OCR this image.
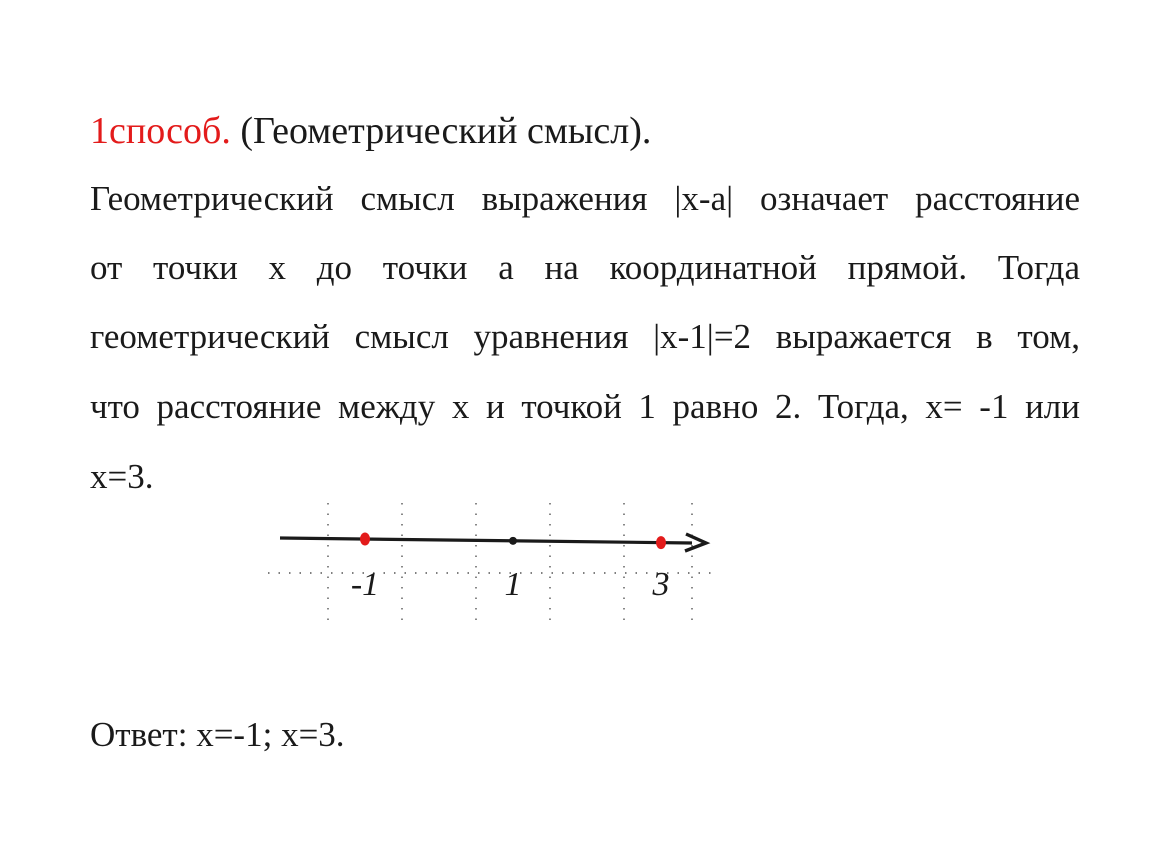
1способ. (Геометрический смысл).
Геометрический смысл выражения |x-a| означает расстояние
от точки x до точки a на координатной прямой. Тогда
геометрический смысл уравнения |x-1|=2 выражается в том,
что расстояние между x и точкой 1 равно 2. Тогда, x= -1 или
x=3.
-1	1	3
Ответ: x=-1; x=3.
